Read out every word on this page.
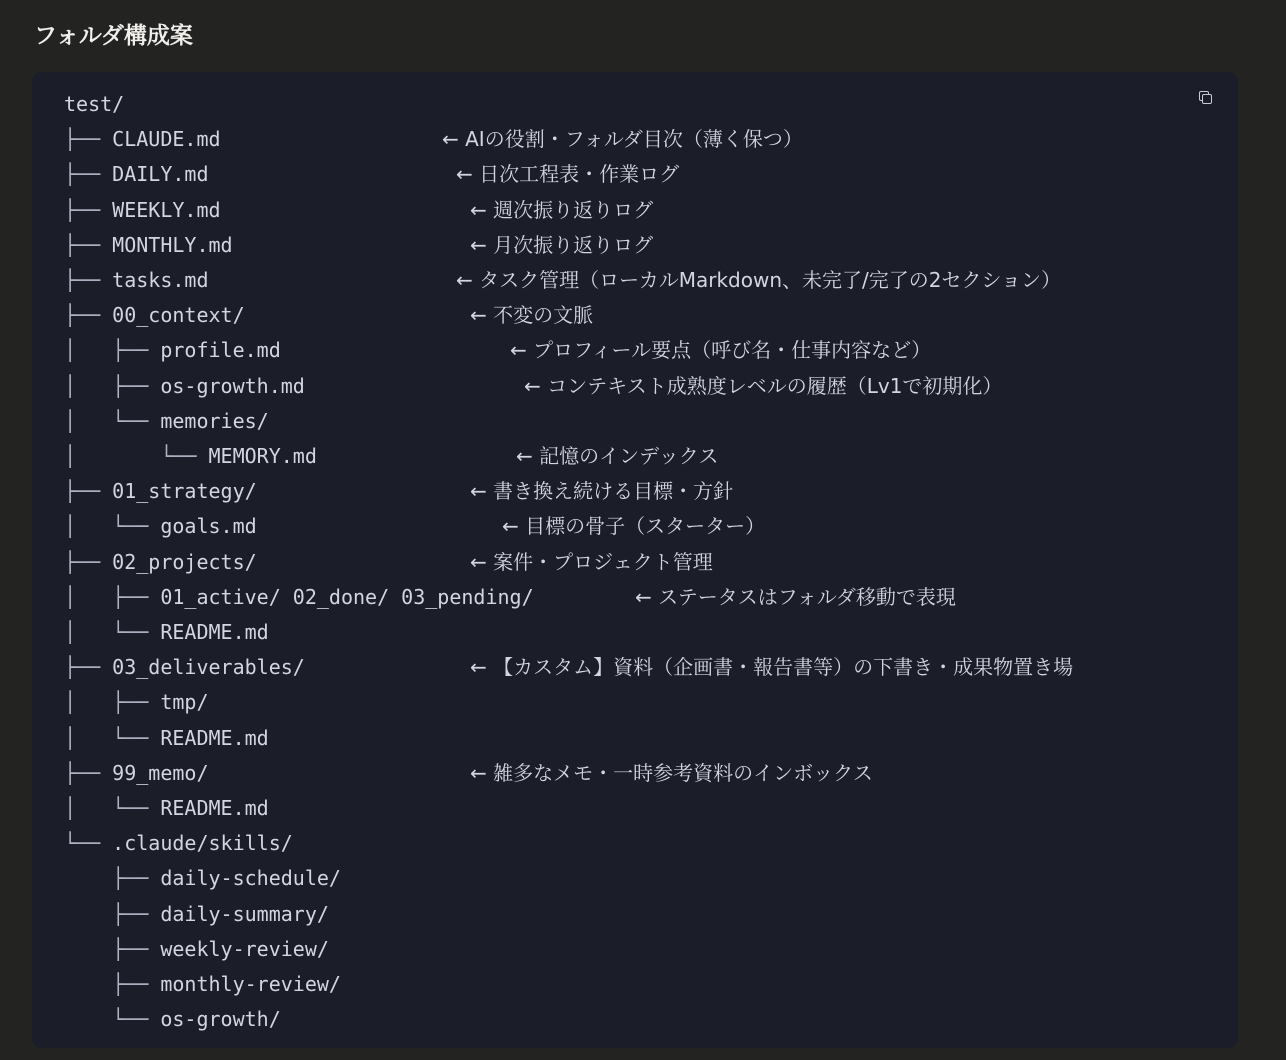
フォルダ構成案
test/
├── CLAUDE.md	← AIの役割・フォルダ目次（薄く保つ）
├── DAILY.md	← 日次工程表・作業ログ
├── WEEKLY.md	← 週次振り返りログ
├── MONTHLY.md	← 月次振り返りログ
├── tasks.md	← タスク管理（ローカルMarkdown、未完了/完了の2セクション）
├── 00_context/	← 不変の文脈
│   ├── profile.md	← プロフィール要点（呼び名・仕事内容など）
│   ├── os-growth.md	← コンテキスト成熟度レベルの履歴（Lv1で初期化）
│   └── memories/
│       └── MEMORY.md	← 記憶のインデックス
├── 01_strategy/	← 書き換え続ける目標・方針
│   └── goals.md	← 目標の骨子（スターター）
├── 02_projects/	← 案件・プロジェクト管理
│   ├── 01_active/ 02_done/ 03_pending/	← ステータスはフォルダ移動で表現
│   └── README.md
├── 03_deliverables/	← 【カスタム】資料（企画書・報告書等）の下書き・成果物置き場
│   ├── tmp/
│   └── README.md
├── 99_memo/	← 雑多なメモ・一時参考資料のインボックス
│   └── README.md
└── .claude/skills/
├── daily-schedule/
├── daily-summary/
├── weekly-review/
├── monthly-review/
└── os-growth/
